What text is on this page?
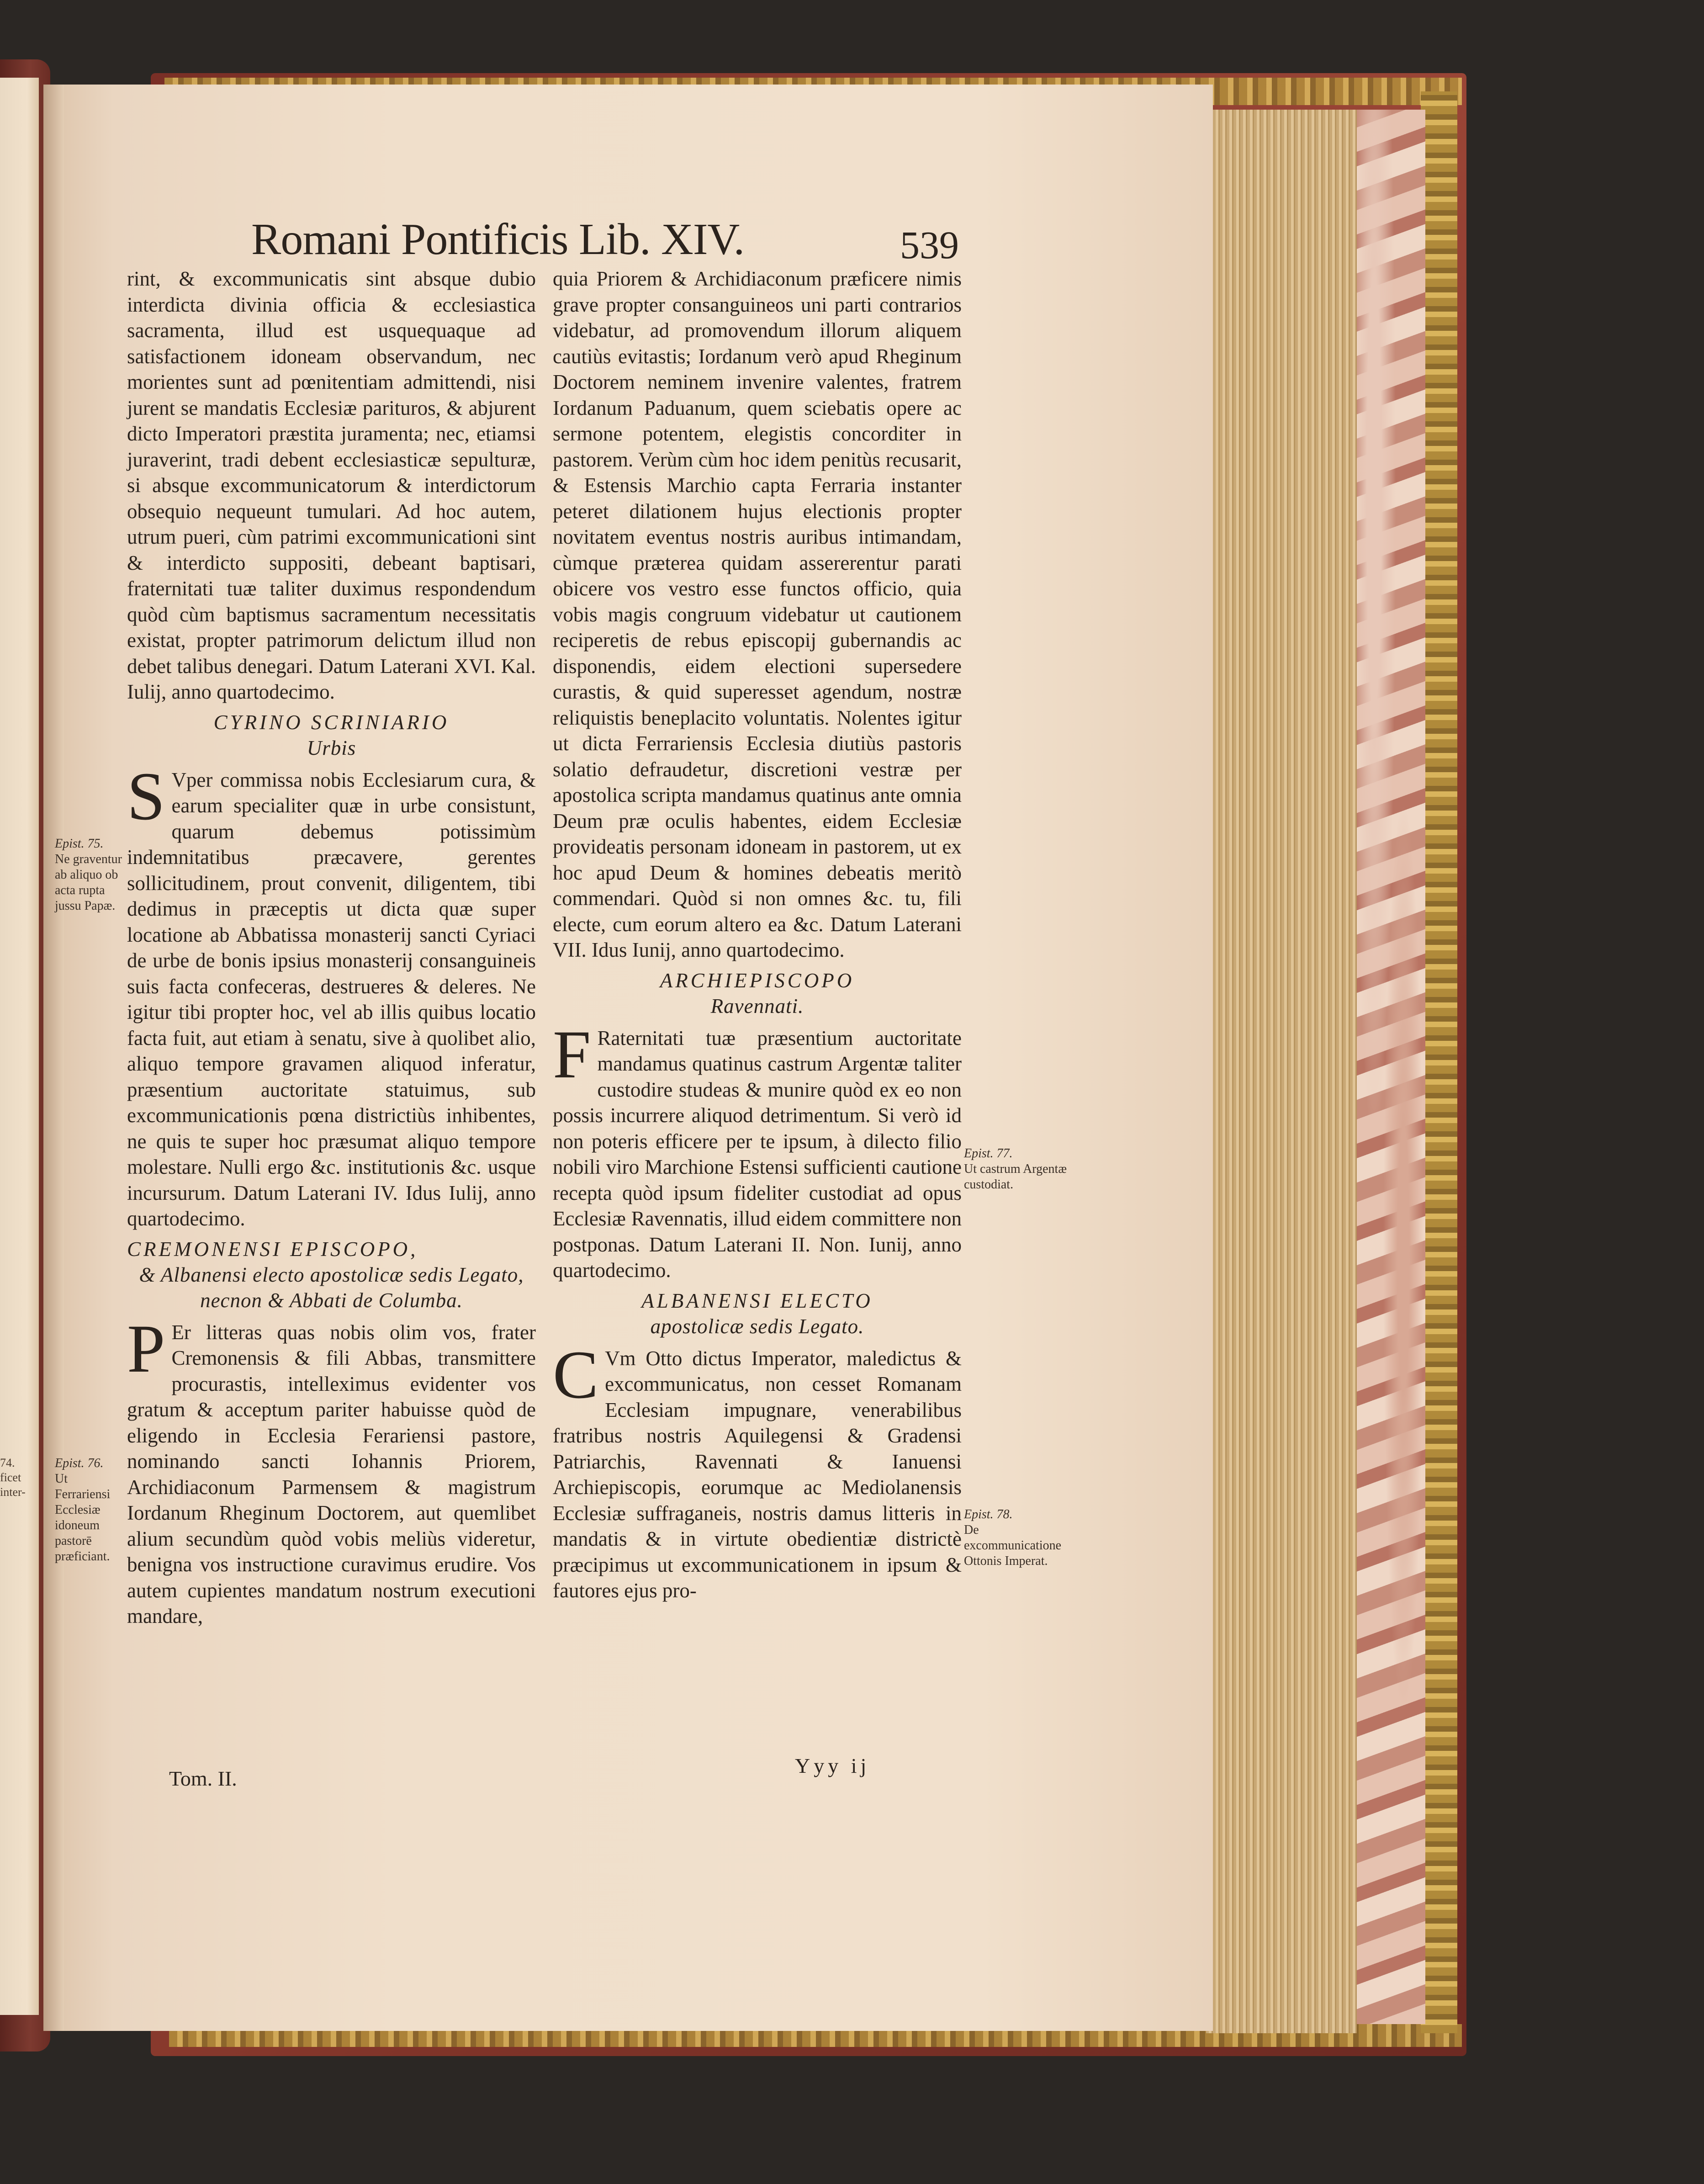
Romani Pontificis Lib. XIV.	539

rint, & excommunicatis sint absque dubio interdicta divinia officia & ecclesiastica sacramenta, illud est usquequaque ad satisfactionem idoneam observandum, nec morientes sunt ad pœnitentiam admittendi, nisi jurent se mandatis Ecclesiæ parituros, & abjurent dicto Imperatori præstita juramenta; nec, etiamsi juraverint, tradi debent ecclesiasticæ sepulturæ, si absque excommunicatorum & interdictorum obsequio nequeunt tumulari. Ad hoc autem, utrum pueri, cùm patrimi excommunicationi sint & interdicto suppositi, debeant baptisari, fraternitati tuæ taliter duximus respondendum quòd cùm baptismus sacramentum necessitatis existat, propter patrimorum delictum illud non debet talibus denegari. Datum Laterani XVI. Kal. Iulij, anno quartodecimo.

CYRINO SCRINIARIO
Urbis

S Vper commissa nobis Ecclesiarum cura, & earum specialiter quæ in urbe consistunt, quarum debemus potissimùm indemnitatibus præcavere, gerentes sollicitudinem, prout convenit, diligentem, tibi dedimus in præceptis ut dicta quæ super locatione ab Abbatissa monasterij sancti Cyriaci de urbe de bonis ipsius monasterij consanguineis suis facta confeceras, destrueres & deleres. Ne igitur tibi propter hoc, vel ab illis quibus locatio facta fuit, aut etiam à senatu, sive à quolibet alio, aliquo tempore gravamen aliquod inferatur, præsentium auctoritate statuimus, sub excommunicationis pœna districtiùs inhibentes, ne quis te super hoc præsumat aliquo tempore molestare. Nulli ergo &c. institutionis &c. usque incursurum. Datum Laterani IV. Idus Iulij, anno quartodecimo.

CREMONENSI EPISCOPO,
& Albanensi electo apostolicæ sedis Legato, necnon & Abbati de Columba.

P Er litteras quas nobis olim vos, frater Cremonensis & fili Abbas, transmittere procurastis, intelleximus evidenter vos gratum & acceptum pariter habuisse quòd de eligendo in Ecclesia Ferariensi pastore, nominando sancti Iohannis Priorem, Archidiaconum Parmensem & magistrum Iordanum Rheginum Doctorem, aut quemlibet alium secundùm quòd vobis meliùs videretur, benigna vos instructione curavimus erudire. Vos autem cupientes mandatum nostrum executioni mandare,

quia Priorem & Archidiaconum præficere nimis grave propter consanguineos uni parti contrarios videbatur, ad promovendum illorum aliquem cautiùs evitastis; Iordanum verò apud Rheginum Doctorem neminem invenire valentes, fratrem Iordanum Paduanum, quem sciebatis opere ac sermone potentem, elegistis concorditer in pastorem. Verùm cùm hoc idem penitùs recusarit, & Estensis Marchio capta Ferraria instanter peteret dilationem hujus electionis propter novitatem eventus nostris auribus intimandam, cùmque præterea quidam assererentur parati obicere vos vestro esse functos officio, quia vobis magis congruum videbatur ut cautionem reciperetis de rebus episcopij gubernandis ac disponendis, eidem electioni supersedere curastis, & quid superesset agendum, nostræ reliquistis beneplacito voluntatis. Nolentes igitur ut dicta Ferrariensis Ecclesia diutiùs pastoris solatio defraudetur, discretioni vestræ per apostolica scripta mandamus quatinus ante omnia Deum præ oculis habentes, eidem Ecclesiæ provideatis personam idoneam in pastorem, ut ex hoc apud Deum & homines debeatis meritò commendari. Quòd si non omnes &c. tu, fili electe, cum eorum altero ea &c. Datum Laterani VII. Idus Iunij, anno quartodecimo.

ARCHIEPISCOPO
Ravennati.

F Raternitati tuæ præsentium auctoritate mandamus quatinus castrum Argentæ taliter custodire studeas & munire quòd ex eo non possis incurrere aliquod detrimentum. Si verò id non poteris efficere per te ipsum, à dilecto filio nobili viro Marchione Estensi sufficienti cautione recepta quòd ipsum fideliter custodiat ad opus Ecclesiæ Ravennatis, illud eidem committere non postponas. Datum Laterani II. Non. Iunij, anno quartodecimo.

ALBANENSI ELECTO
apostolicæ sedis Legato.

C Vm Otto dictus Imperator, maledictus & excommunicatus, non cesset Romanam Ecclesiam impugnare, venerabilibus fratribus nostris Aquilegensi & Gradensi Patriarchis, Ravennati & Ianuensi Archiepiscopis, eorumque ac Mediolanensis Ecclesiæ suffraganeis, nostris damus litteris in mandatis & in virtute obedientiæ districtè præcipimus ut excommunicationem in ipsum & fautores ejus pro-

Epist. 75.
Ne graventur ab aliquo ob acta rupta jussu Papæ.
Epist. 76.
Ut Ferrariensi Ecclesiæ idoneum pastorē præficiant.
Epist. 77.
Ut castrum Argentæ custodiat.
Epist. 78.
De excommunicatione Ottonis Imperat.
74. ficet inter-
Tom. II.
Yyy ij
